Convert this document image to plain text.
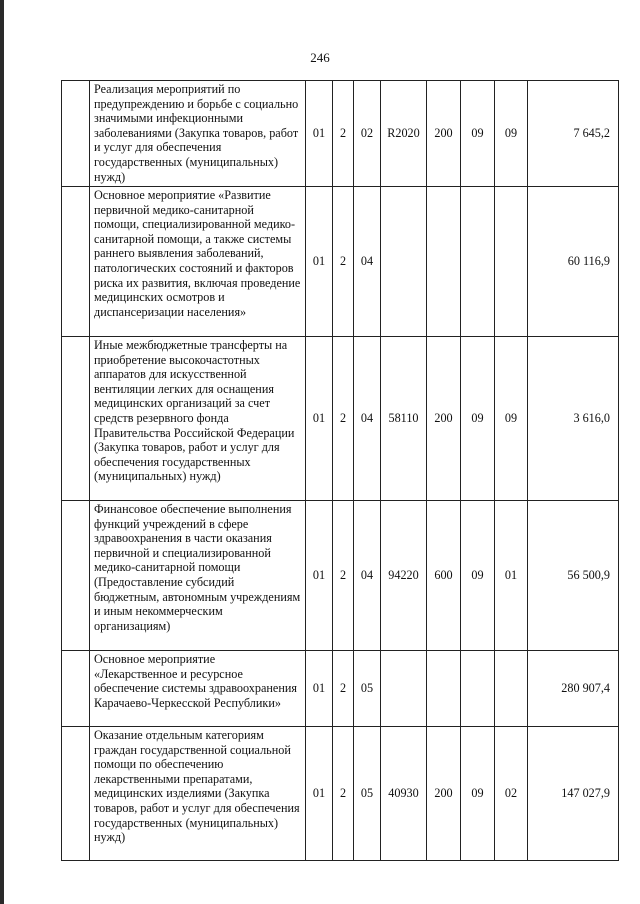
246
	Реализация мероприятий по предупреждению и борьбе с социально значимыми инфекционными заболеваниями (Закупка товаров, работ и услуг для обеспечения государственных (муниципальных) нужд)	01	2	02	R2020	200	09	09	7 645,2
	Основное мероприятие «Развитие первичной медико-санитарной помощи, специализированной медико-санитарной помощи, а также системы раннего выявления заболеваний, патологических состояний и факторов риска их развития, включая проведение медицинских осмотров и диспансеризации населения»	01	2	04					60 116,9
	Иные межбюджетные трансферты на приобретение высокочастотных аппаратов для искусственной вентиляции легких для оснащения медицинских организаций за счет средств резервного фонда Правительства Российской Федерации (Закупка товаров, работ и услуг для обеспечения государственных (муниципальных) нужд)	01	2	04	58110	200	09	09	3 616,0
	Финансовое обеспечение выполнения функций учреждений в сфере здравоохранения в части оказания первичной и специализированной медико-санитарной помощи (Предоставление субсидий бюджетным, автономным учреждениям и иным некоммерческим организациям)	01	2	04	94220	600	09	01	56 500,9
	Основное мероприятие «Лекарственное и ресурсное обеспечение системы здравоохранения Карачаево-Черкесской Республики»	01	2	05					280 907,4
	Оказание отдельным категориям граждан государственной социальной помощи по обеспечению лекарственными препаратами, медицинских изделиями (Закупка товаров, работ и услуг для обеспечения государственных (муниципальных) нужд)	01	2	05	40930	200	09	02	147 027,9
